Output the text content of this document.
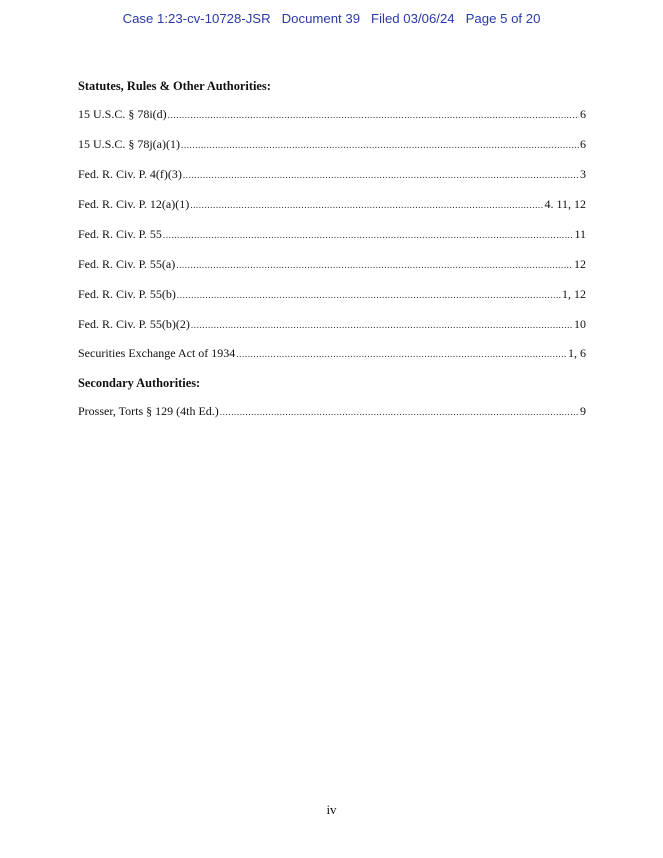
Case 1:23-cv-10728-JSR   Document 39   Filed 03/06/24   Page 5 of 20
Statutes, Rules & Other Authorities:
15 U.S.C. § 78i(d) .....	6
15 U.S.C. § 78j(a)(1) .....	6
Fed. R. Civ. P. 4(f)(3) .....	3
Fed. R. Civ. P. 12(a)(1) .....	4. 11, 12
Fed. R. Civ. P. 55 .....	11
Fed. R. Civ. P. 55(a) .....	12
Fed. R. Civ. P. 55(b) .....	1, 12
Fed. R. Civ. P. 55(b)(2) .....	10
Securities Exchange Act of 1934 .....	1, 6
Secondary Authorities:
Prosser, Torts § 129 (4th Ed.) .....	9
iv
